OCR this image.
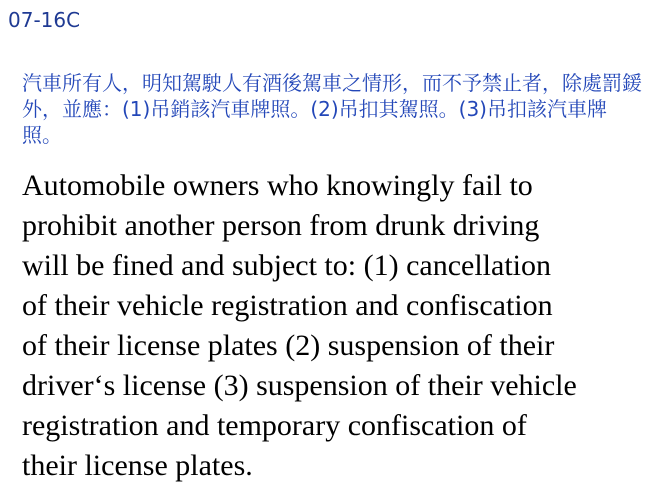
07-16C

汽車所有人，明知駕駛人有酒後駕車之情形，而不予禁止者，除處罰鍰外，並應：(1)吊銷該汽車牌照。(2)吊扣其駕照。(3)吊扣該汽車牌照。

Automobile owners who knowingly fail to
prohibit another person from drunk driving
will be fined and subject to: (1) cancellation
of their vehicle registration and confiscation
of their license plates (2) suspension of their
driver‘s license (3) suspension of their vehicle
registration and temporary confiscation of
their license plates.
